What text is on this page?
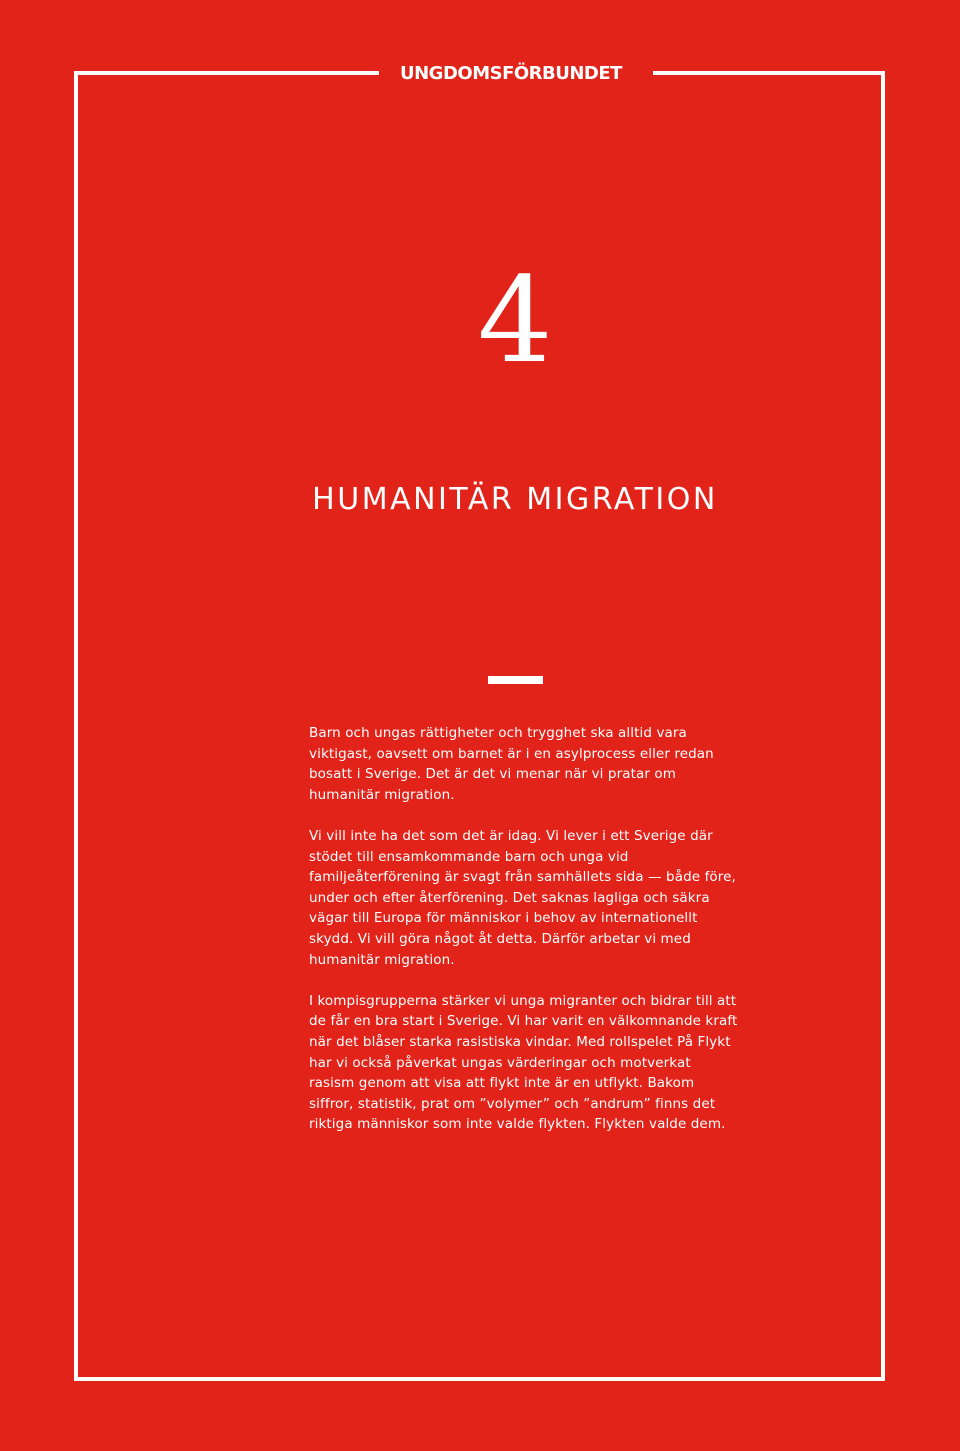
UNGDOMSFÖRBUNDET
4
HUMANITÄR MIGRATION

Barn och ungas rättigheter och trygghet ska alltid vara viktigast, oavsett om barnet är i en asylprocess eller redan bosatt i Sverige. Det är det vi menar när vi pratar om humanitär migration.

Vi vill inte ha det som det är idag. Vi lever i ett Sverige där stödet till ensamkommande barn och unga vid familjeåterförening är svagt från samhällets sida — både före, under och efter återförening. Det saknas lagliga och säkra vägar till Europa för människor i behov av internationellt skydd. Vi vill göra något åt detta. Därför arbetar vi med humanitär migration.

I kompisgrupperna stärker vi unga migranter och bidrar till att de får en bra start i Sverige. Vi har varit en välkomnande kraft när det blåser starka rasistiska vindar. Med rollspelet På Flykt har vi också påverkat ungas värderingar och motverkat rasism genom att visa att flykt inte är en utflykt. Bakom siffror, statistik, prat om ”volymer” och ”andrum” finns det riktiga människor som inte valde flykten. Flykten valde dem.
